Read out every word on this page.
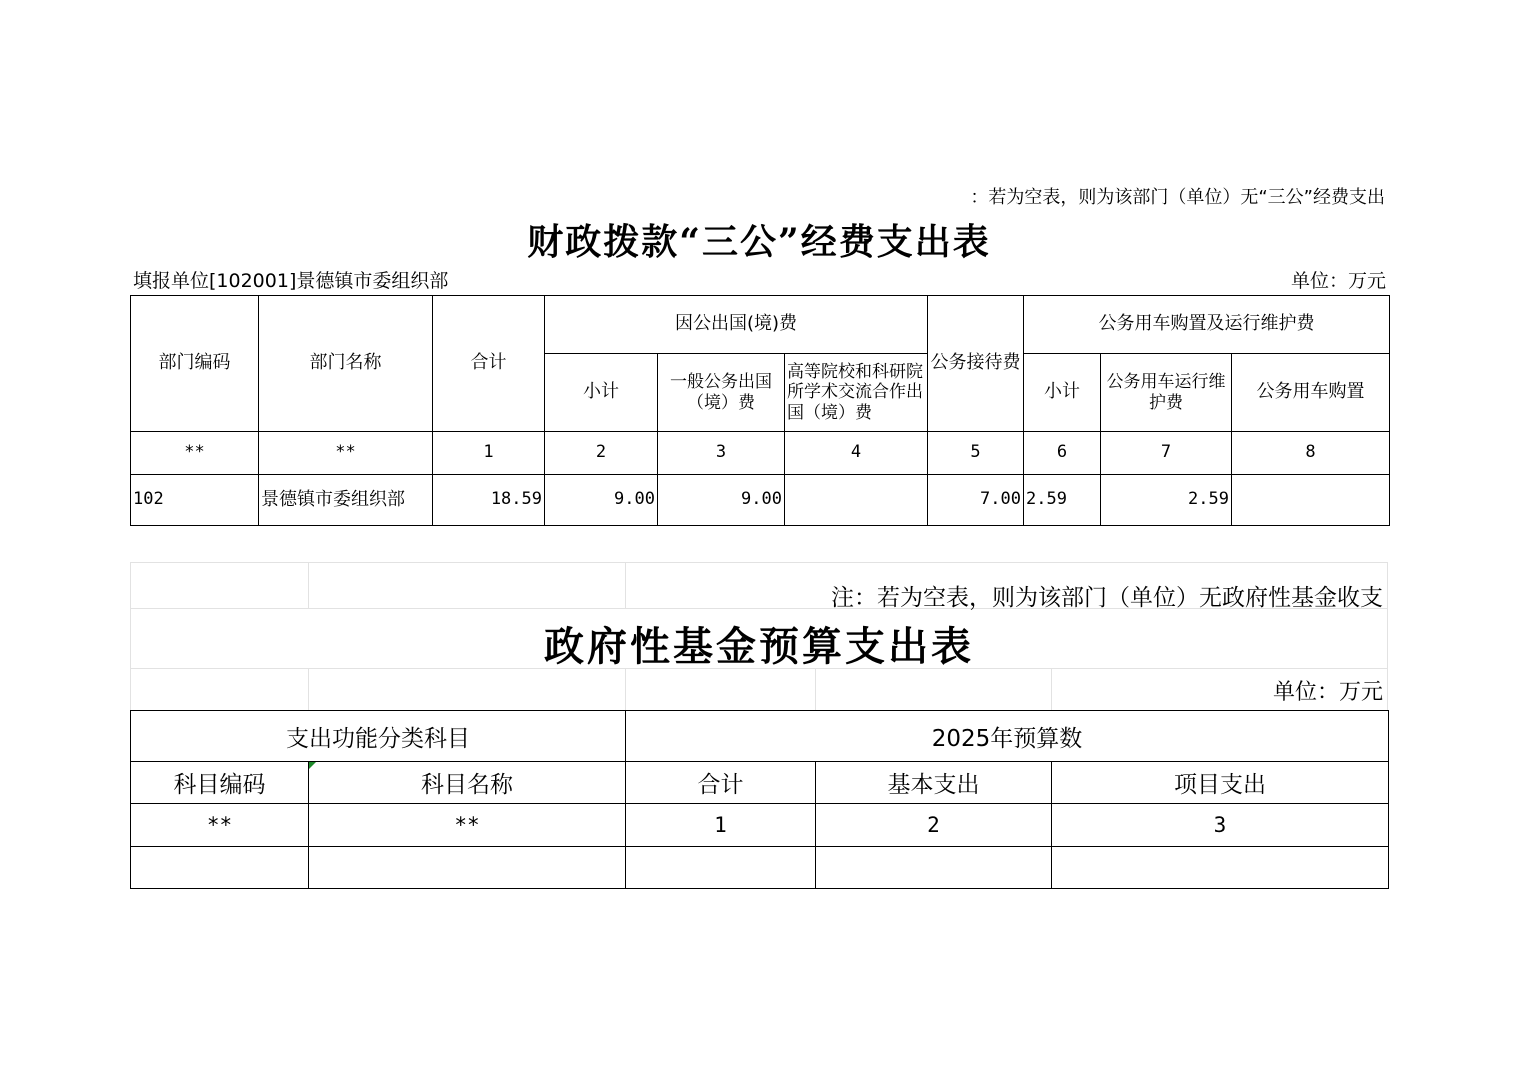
：若为空表，则为该部门（单位）无“三公”经费支出
财政拨款“三公”经费支出表
填报单位[102001]景德镇市委组织部	单位：万元
部门编码	部门名称	合计	因公出国(境)费			公务接待费	公务用车购置及运行维护费		
			小计	一般公务出国（境）费	高等院校和科研院所学术交流合作出国（境）费		小计	公务用车运行维护费	公务用车购置
**	**	1	2	3	4	5	6	7	8
102	景德镇市委组织部	18.59	9.00	9.00		7.00	2.59	2.59	
注：若为空表，则为该部门（单位）无政府性基金收支
政府性基金预算支出表
单位：万元
支出功能分类科目		2025年预算数		
科目编码	科目名称	合计	基本支出	项目支出
**	**	1	2	3
